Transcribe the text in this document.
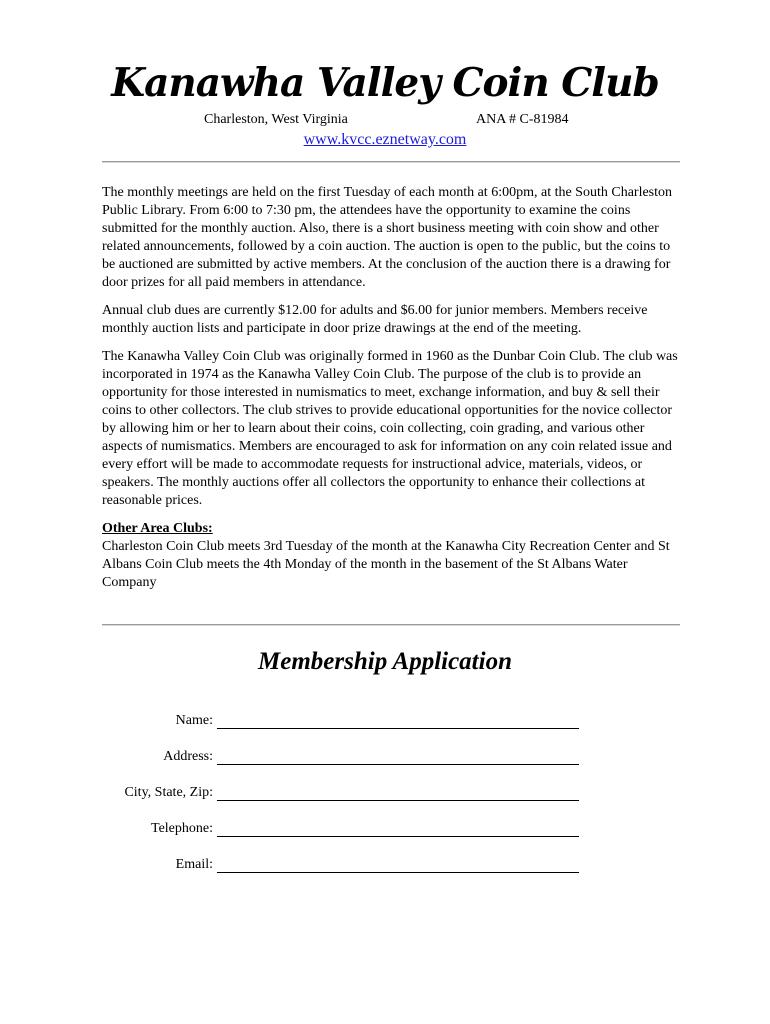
Kanawha Valley Coin Club
Charleston, West Virginia	ANA # C-81984
www.kvcc.eznetway.com

The monthly meetings are held on the first Tuesday of each month at 6:00pm, at the South Charleston Public Library. From 6:00 to 7:30 pm, the attendees have the opportunity to examine the coins submitted for the monthly auction. Also, there is a short business meeting with coin show and other related announcements, followed by a coin auction. The auction is open to the public, but the coins to be auctioned are submitted by active members. At the conclusion of the auction there is a drawing for door prizes for all paid members in attendance.

Annual club dues are currently $12.00 for adults and $6.00 for junior members. Members receive monthly auction lists and participate in door prize drawings at the end of the meeting.

The Kanawha Valley Coin Club was originally formed in 1960 as the Dunbar Coin Club. The club was incorporated in 1974 as the Kanawha Valley Coin Club. The purpose of the club is to provide an opportunity for those interested in numismatics to meet, exchange information, and buy & sell their coins to other collectors. The club strives to provide educational opportunities for the novice collector by allowing him or her to learn about their coins, coin collecting, coin grading, and various other aspects of numismatics. Members are encouraged to ask for information on any coin related issue and every effort will be made to accommodate requests for instructional advice, materials, videos, or speakers. The monthly auctions offer all collectors the opportunity to enhance their collections at reasonable prices.

Other Area Clubs:
Charleston Coin Club meets 3rd Tuesday of the month at the Kanawha City Recreation Center and St Albans Coin Club meets the 4th Monday of the month in the basement of the St Albans Water Company

Membership Application
Name:
Address:
City, State, Zip:
Telephone:
Email:
